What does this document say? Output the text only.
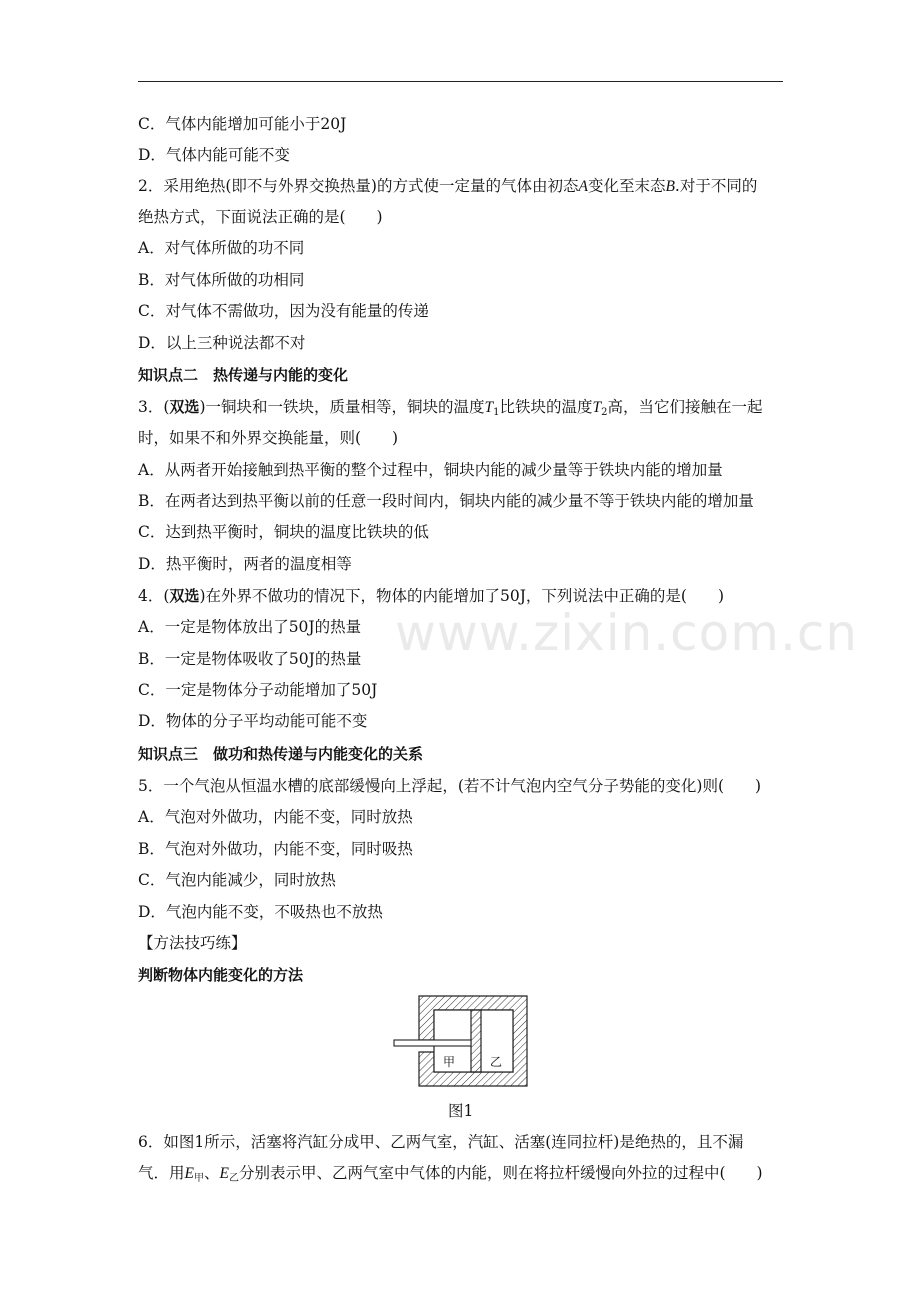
www.zixin.com.cn
C．气体内能增加可能小于20J
D．气体内能可能不变
2．采用绝热(即不与外界交换热量)的方式使一定量的气体由初态A变化至末态B.对于不同的
绝热方式，下面说法正确的是(　　)
A．对气体所做的功不同
B．对气体所做的功相同
C．对气体不需做功，因为没有能量的传递
D．以上三种说法都不对
知识点二　热传递与内能的变化
3．(双选)一铜块和一铁块，质量相等，铜块的温度$T_1$比铁块的温度$T_2$高，当它们接触在一起
时，如果不和外界交换能量，则(　　)
A．从两者开始接触到热平衡的整个过程中，铜块内能的减少量等于铁块内能的增加量
B．在两者达到热平衡以前的任意一段时间内，铜块内能的减少量不等于铁块内能的增加量
C．达到热平衡时，铜块的温度比铁块的低
D．热平衡时，两者的温度相等
4．(双选)在外界不做功的情况下，物体的内能增加了50J，下列说法中正确的是(　　)
A．一定是物体放出了50J的热量
B．一定是物体吸收了50J的热量
C．一定是物体分子动能增加了50J
D．物体的分子平均动能可能不变
知识点三　做功和热传递与内能变化的关系
5．一个气泡从恒温水槽的底部缓慢向上浮起，(若不计气泡内空气分子势能的变化)则(　　)
A．气泡对外做功，内能不变，同时放热
B．气泡对外做功，内能不变，同时吸热
C．气泡内能减少，同时放热
D．气泡内能不变，不吸热也不放热
【方法技巧练】
判断物体内能变化的方法
甲	乙
图1
6．如图1所示，活塞将汽缸分成甲、乙两气室，汽缸、活塞(连同拉杆)是绝热的，且不漏
气．用$E_甲$、$E_乙$分别表示甲、乙两气室中气体的内能，则在将拉杆缓慢向外拉的过程中(　　)
